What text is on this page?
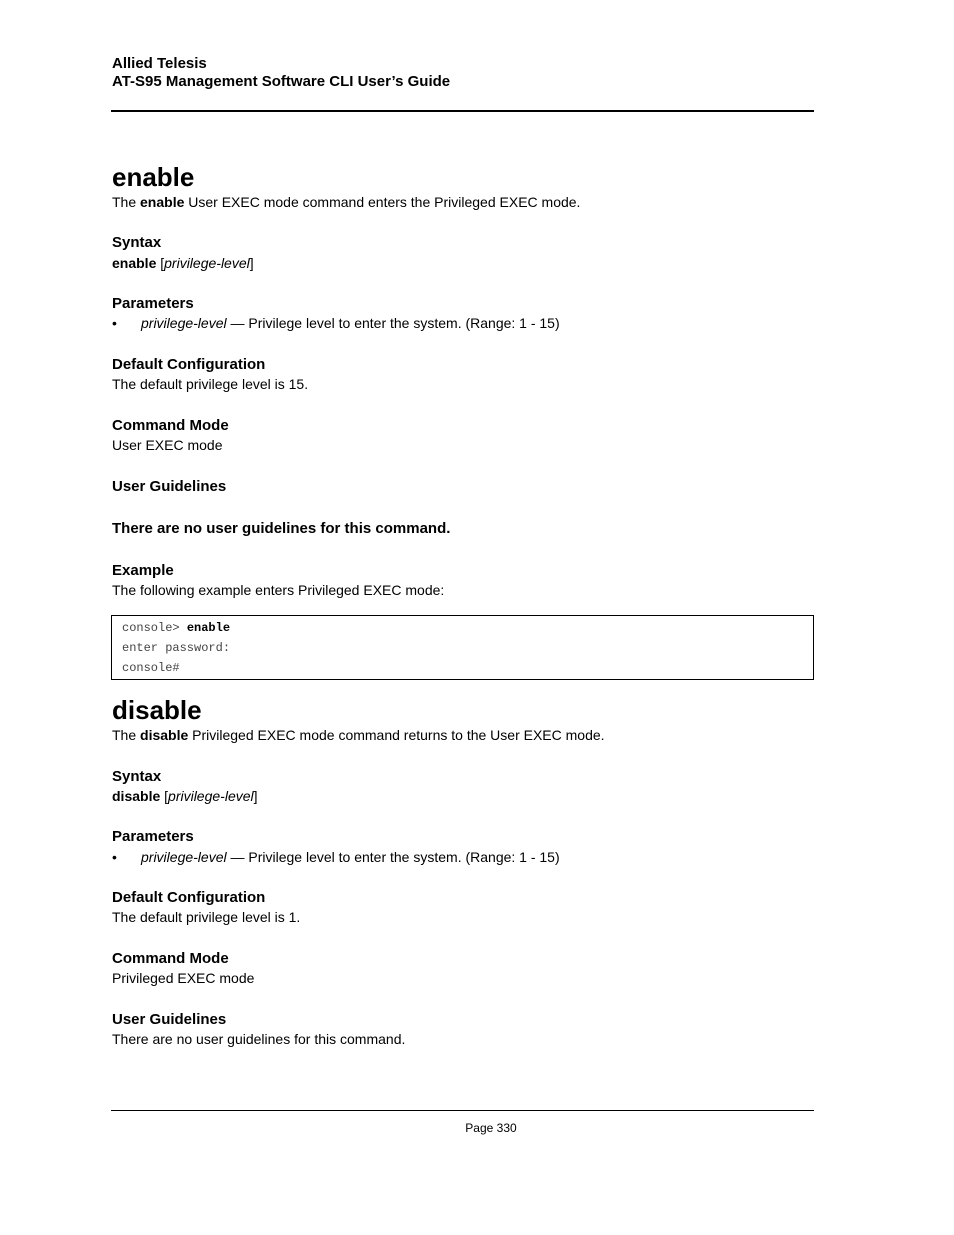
Allied Telesis
AT-S95 Management Software CLI User’s Guide
enable
The enable User EXEC mode command enters the Privileged EXEC mode.
Syntax
enable [privilege-level]
Parameters
• privilege-level — Privilege level to enter the system. (Range: 1 - 15)
Default Configuration
The default privilege level is 15.
Command Mode
User EXEC mode
User Guidelines
There are no user guidelines for this command.
Example
The following example enters Privileged EXEC mode:
console> enable
enter password:
console#
disable
The disable Privileged EXEC mode command returns to the User EXEC mode.
Syntax
disable [privilege-level]
Parameters
• privilege-level — Privilege level to enter the system. (Range: 1 - 15)
Default Configuration
The default privilege level is 1.
Command Mode
Privileged EXEC mode
User Guidelines
There are no user guidelines for this command.
Page 330
